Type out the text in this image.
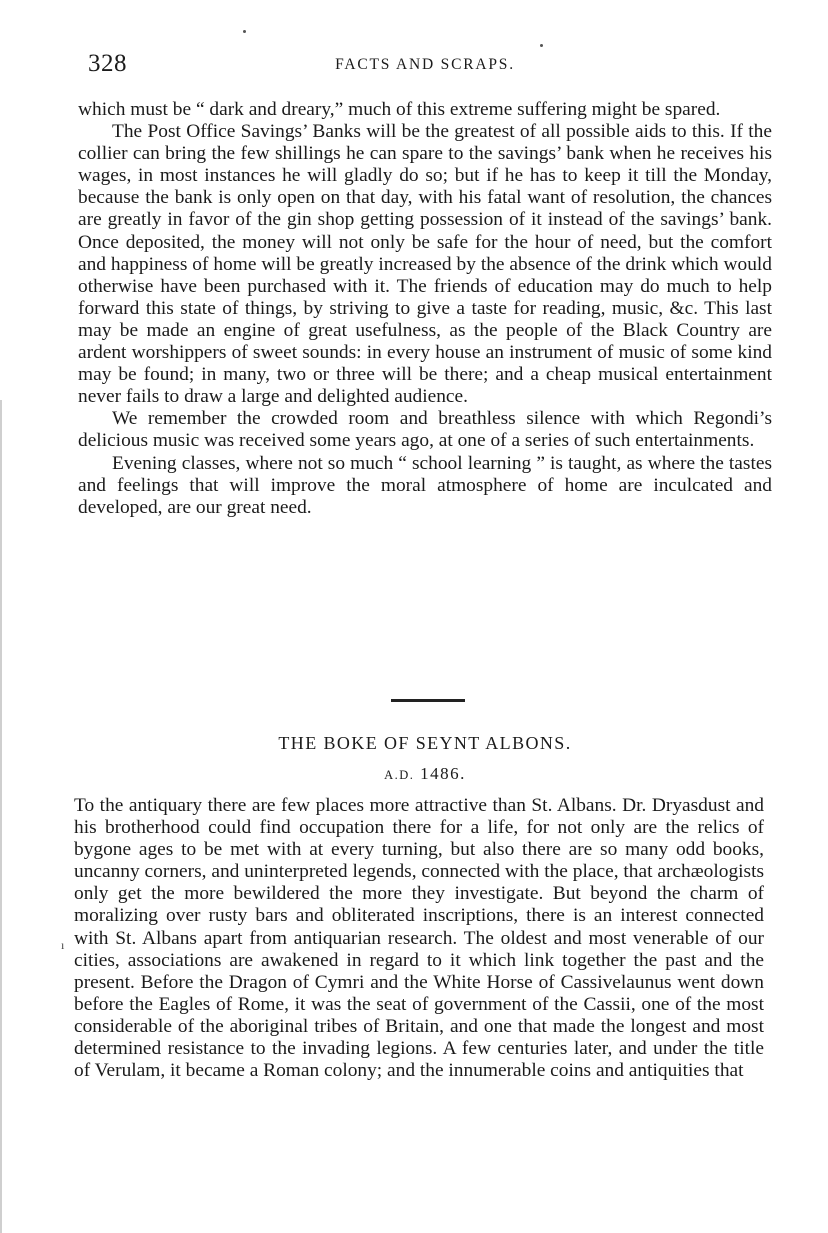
328	FACTS AND SCRAPS.

which must be “ dark and dreary,” much of this extreme suffering might be spared.

The Post Office Savings’ Banks will be the greatest of all possible aids to this. If the collier can bring the few shillings he can spare to the savings’ bank when he receives his wages, in most instances he will gladly do so; but if he has to keep it till the Monday, because the bank is only open on that day, with his fatal want of resolution, the chances are greatly in favor of the gin shop getting possession of it instead of the savings’ bank. Once deposited, the money will not only be safe for the hour of need, but the comfort and happiness of home will be greatly increased by the absence of the drink which would otherwise have been purchased with it. The friends of education may do much to help forward this state of things, by striving to give a taste for reading, music, &c. This last may be made an engine of great usefulness, as the people of the Black Country are ardent worshippers of sweet sounds: in every house an instrument of music of some kind may be found; in many, two or three will be there; and a cheap musical entertainment never fails to draw a large and delighted audience.

We remember the crowded room and breathless silence with which Regondi’s delicious music was received some years ago, at one of a series of such entertainments.

Evening classes, where not so much “ school learning ” is taught, as where the tastes and feelings that will improve the moral atmosphere of home are inculcated and developed, are our great need.

THE BOKE OF SEYNT ALBONS.
A.D. 1486.

To the antiquary there are few places more attractive than St. Albans. Dr. Dryasdust and his brotherhood could find occupation there for a life, for not only are the relics of bygone ages to be met with at every turning, but also there are so many odd books, uncanny corners, and uninterpreted legends, connected with the place, that archæologists only get the more bewildered the more they investigate. But beyond the charm of moralizing over rusty bars and obliterated inscriptions, there is an interest connected with St. Albans apart from antiquarian research. The oldest and most venerable of our cities, associations are awakened in regard to it which link together the past and the present. Before the Dragon of Cymri and the White Horse of Cassivelaunus went down before the Eagles of Rome, it was the seat of government of the Cassii, one of the most considerable of the aboriginal tribes of Britain, and one that made the longest and most determined resistance to the invading legions. A few centuries later, and under the title of Verulam, it became a Roman colony; and the innumerable coins and antiquities that

ı
